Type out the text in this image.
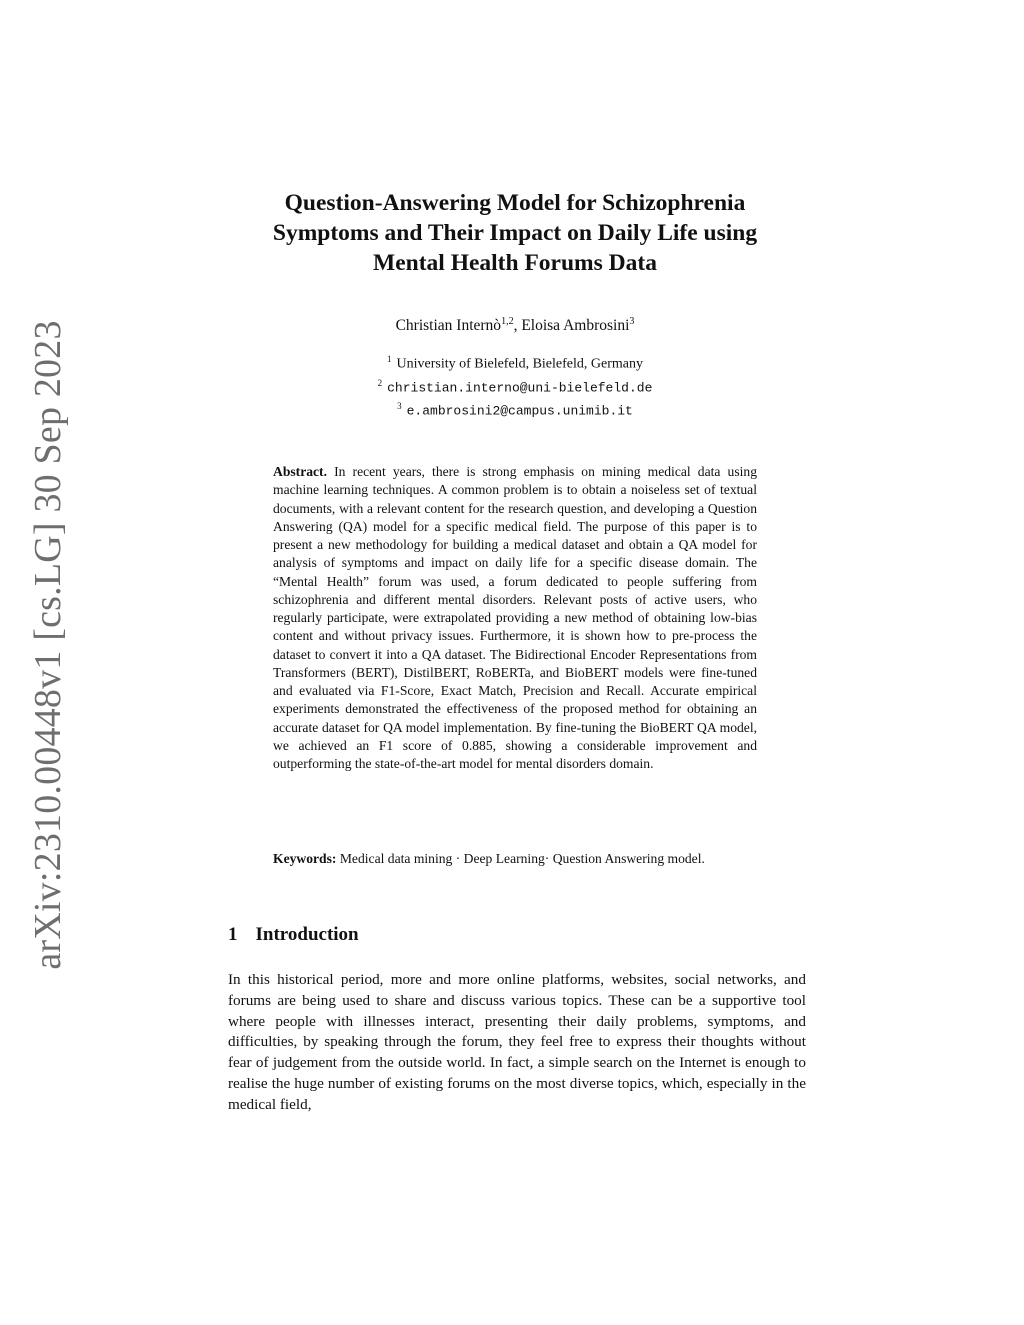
arXiv:2310.00448v1 [cs.LG] 30 Sep 2023
Question-Answering Model for Schizophrenia
Symptoms and Their Impact on Daily Life using
Mental Health Forums Data
Christian Internò$^{1,2}$, Eloisa Ambrosini$^3$
$^1$ University of Bielefeld, Bielefeld, Germany
$^2$ christian.interno@uni-bielefeld.de
$^3$ e.ambrosini2@campus.unimib.it
Abstract. In recent years, there is strong emphasis on mining medical data using machine learning techniques. A common problem is to obtain a noiseless set of textual documents, with a relevant content for the research question, and developing a Question Answering (QA) model for a specific medical field. The purpose of this paper is to present a new methodology for building a medical dataset and obtain a QA model for analysis of symptoms and impact on daily life for a specific disease domain. The “Mental Health” forum was used, a forum dedicated to people suffering from schizophrenia and different mental disorders. Relevant posts of active users, who regularly participate, were extrapolated providing a new method of obtaining low-bias content and without privacy issues. Furthermore, it is shown how to pre-process the dataset to convert it into a QA dataset. The Bidirectional Encoder Representations from Transformers (BERT), DistilBERT, RoBERTa, and BioBERT models were fine-tuned and evaluated via F1-Score, Exact Match, Precision and Recall. Accurate empirical experiments demonstrated the effectiveness of the proposed method for obtaining an accurate dataset for QA model implementation. By fine-tuning the BioBERT QA model, we achieved an F1 score of 0.885, showing a considerable improvement and outperforming the state-of-the-art model for mental disorders domain.
Keywords: Medical data mining · Deep Learning· Question Answering model.
1 Introduction
In this historical period, more and more online platforms, websites, social networks, and forums are being used to share and discuss various topics. These can be a supportive tool where people with illnesses interact, presenting their daily problems, symptoms, and difficulties, by speaking through the forum, they feel free to express their thoughts without fear of judgement from the outside world. In fact, a simple search on the Internet is enough to realise the huge number of existing forums on the most diverse topics, which, especially in the medical field,
